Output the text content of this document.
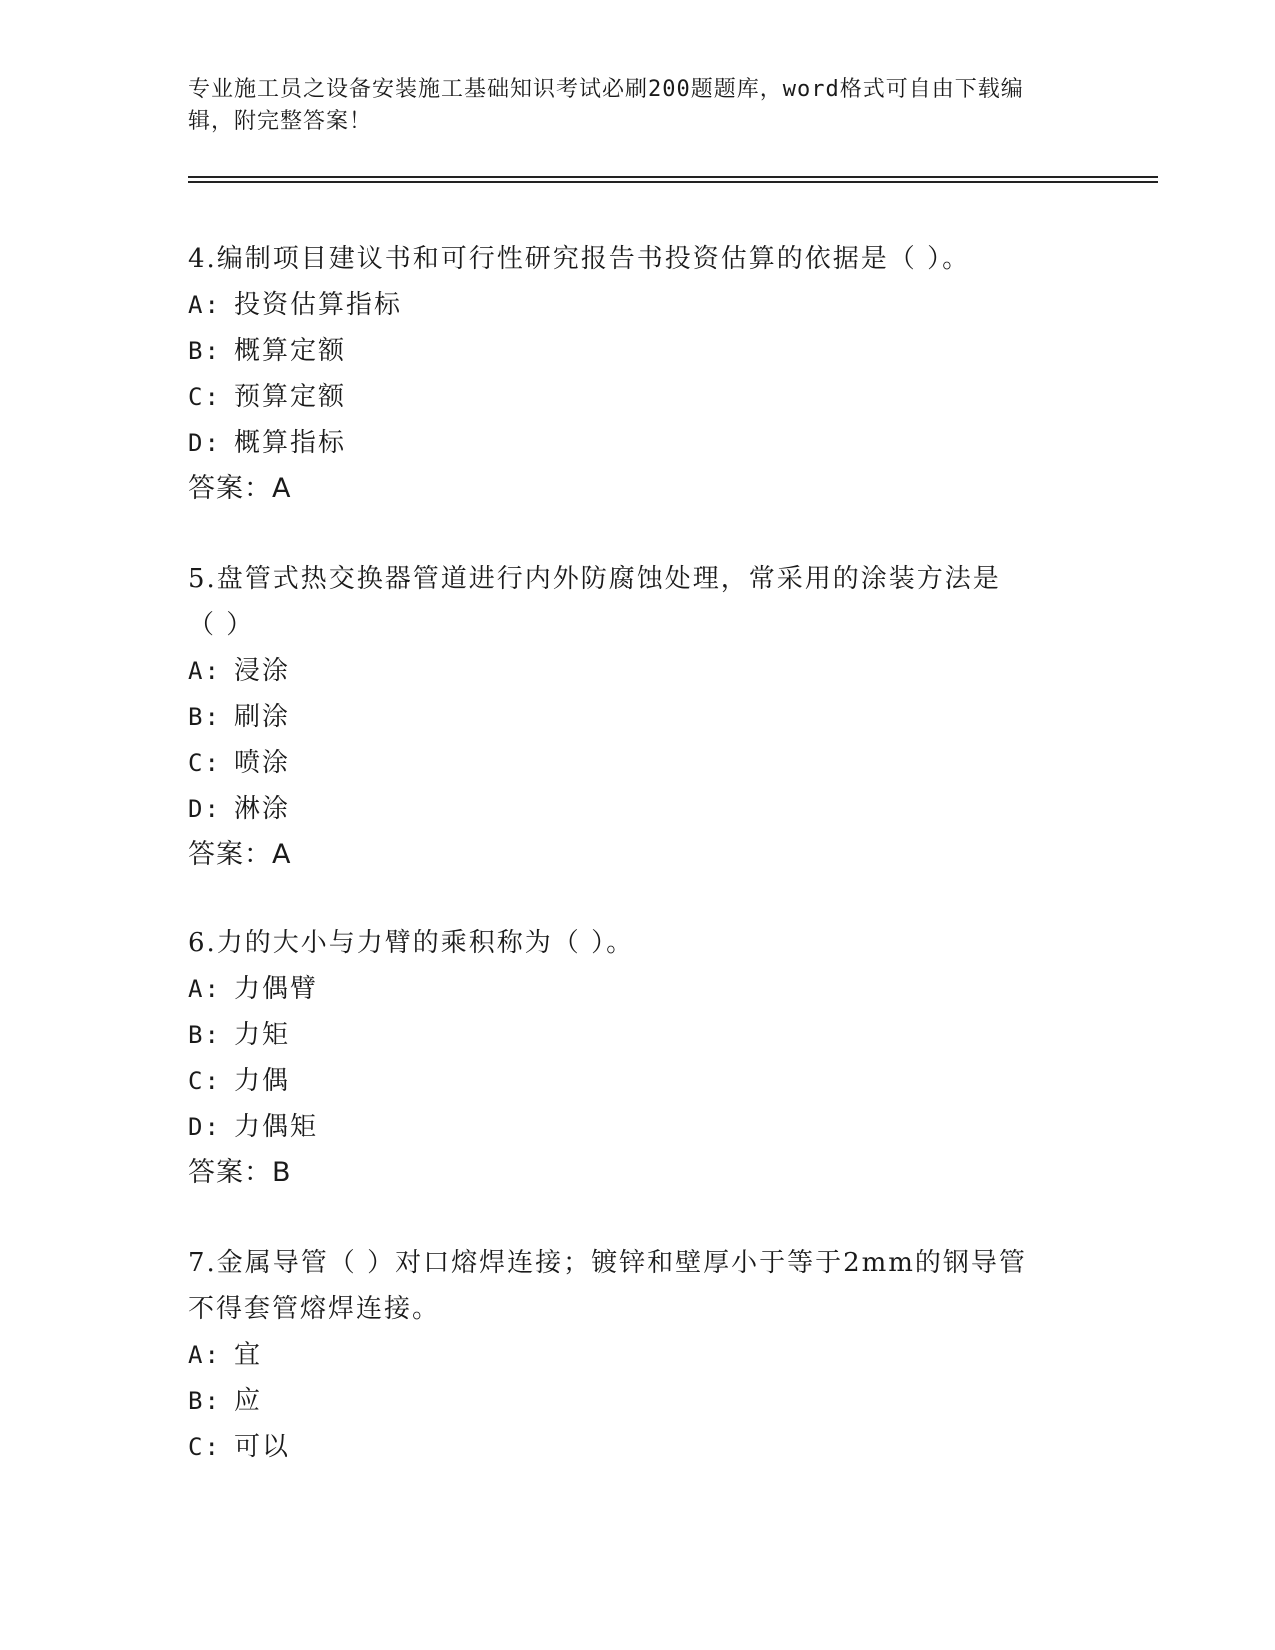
专业施工员之设备安装施工基础知识考试必刷200题题库，word格式可自由下载编辑，附完整答案！

4.编制项目建议书和可行性研究报告书投资估算的依据是（ ）。

A: 投资估算指标

B: 概算定额

C: 预算定额

D: 概算指标

答案：A

5.盘管式热交换器管道进行内外防腐蚀处理，常采用的涂装方法是（ ）

A: 浸涂

B: 刷涂

C: 喷涂

D: 淋涂

答案：A

6.力的大小与力臂的乘积称为（ ）。

A: 力偶臂

B: 力矩

C: 力偶

D: 力偶矩

答案：B

7.金属导管（ ）对口熔焊连接；镀锌和壁厚小于等于2mm的钢导管不得套管熔焊连接。

A: 宜

B: 应

C: 可以
